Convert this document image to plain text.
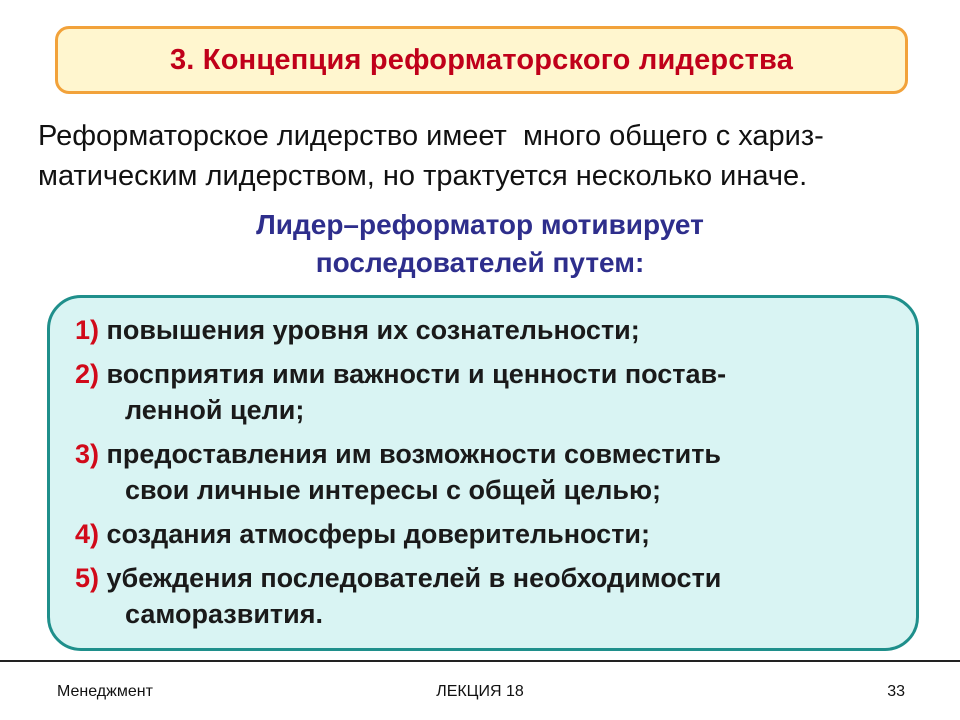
3. Концепция реформаторского лидерства
Реформаторское лидерство имеет  много общего с хариз-
матическим лидерством, но трактуется несколько иначе.
Лидер–реформатор мотивирует
последователей путем:
1) повышения уровня их сознательности;
2) восприятия ими важности и ценности постав-
ленной цели;
3) предоставления им возможности совместить
свои личные интересы с общей целью;
4) создания атмосферы доверительности;
5) убеждения последователей в необходимости
саморазвития.
Менеджмент	ЛЕКЦИЯ 18	33
